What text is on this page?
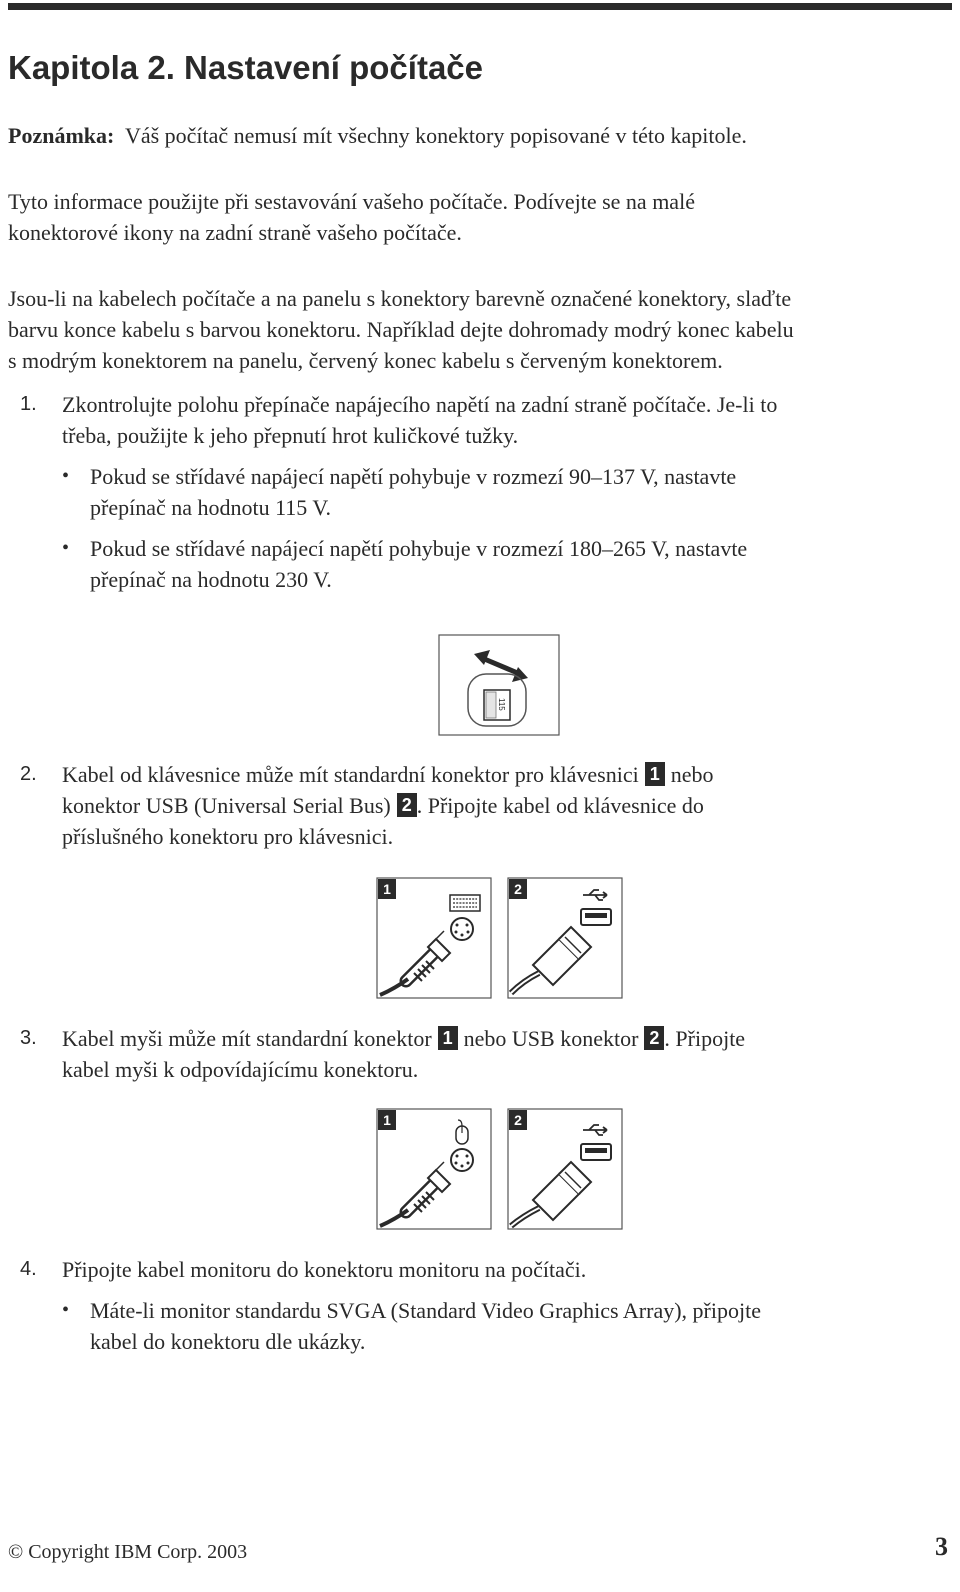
Kapitola 2. Nastavení počítače

Poznámka: Váš počítač nemusí mít všechny konektory popisované v této kapitole.

Tyto informace použijte při sestavování vašeho počítače. Podívejte se na malé

konektorové ikony na zadní straně vašeho počítače.

Jsou-li na kabelech počítače a na panelu s konektory barevně označené konektory, slaďte

barvu konce kabelu s barvou konektoru. Například dejte dohromady modrý konec kabelu

s modrým konektorem na panelu, červený konec kabelu s červeným konektorem.

1. Zkontrolujte polohu přepínače napájecího napětí na zadní straně počítače. Je-li to

třeba, použijte k jeho přepnutí hrot kuličkové tužky.

• Pokud se střídavé napájecí napětí pohybuje v rozmezí 90–137 V, nastavte

přepínač na hodnotu 115 V.

• Pokud se střídavé napájecí napětí pohybuje v rozmezí 180–265 V, nastavte

přepínač na hodnotu 230 V.

115
2. Kabel od klávesnice může mít standardní konektor pro klávesnici 1 nebo

konektor USB (Universal Serial Bus) 2 . Připojte kabel od klávesnice do

příslušného konektoru pro klávesnici.

1	2
3. Kabel myši může mít standardní konektor 1 nebo USB konektor 2 . Připojte

kabel myši k odpovídajícímu konektoru.

1	2
4. Připojte kabel monitoru do konektoru monitoru na počítači.

• Máte-li monitor standardu SVGA (Standard Video Graphics Array), připojte

kabel do konektoru dle ukázky.

© Copyright IBM Corp. 2003	3
